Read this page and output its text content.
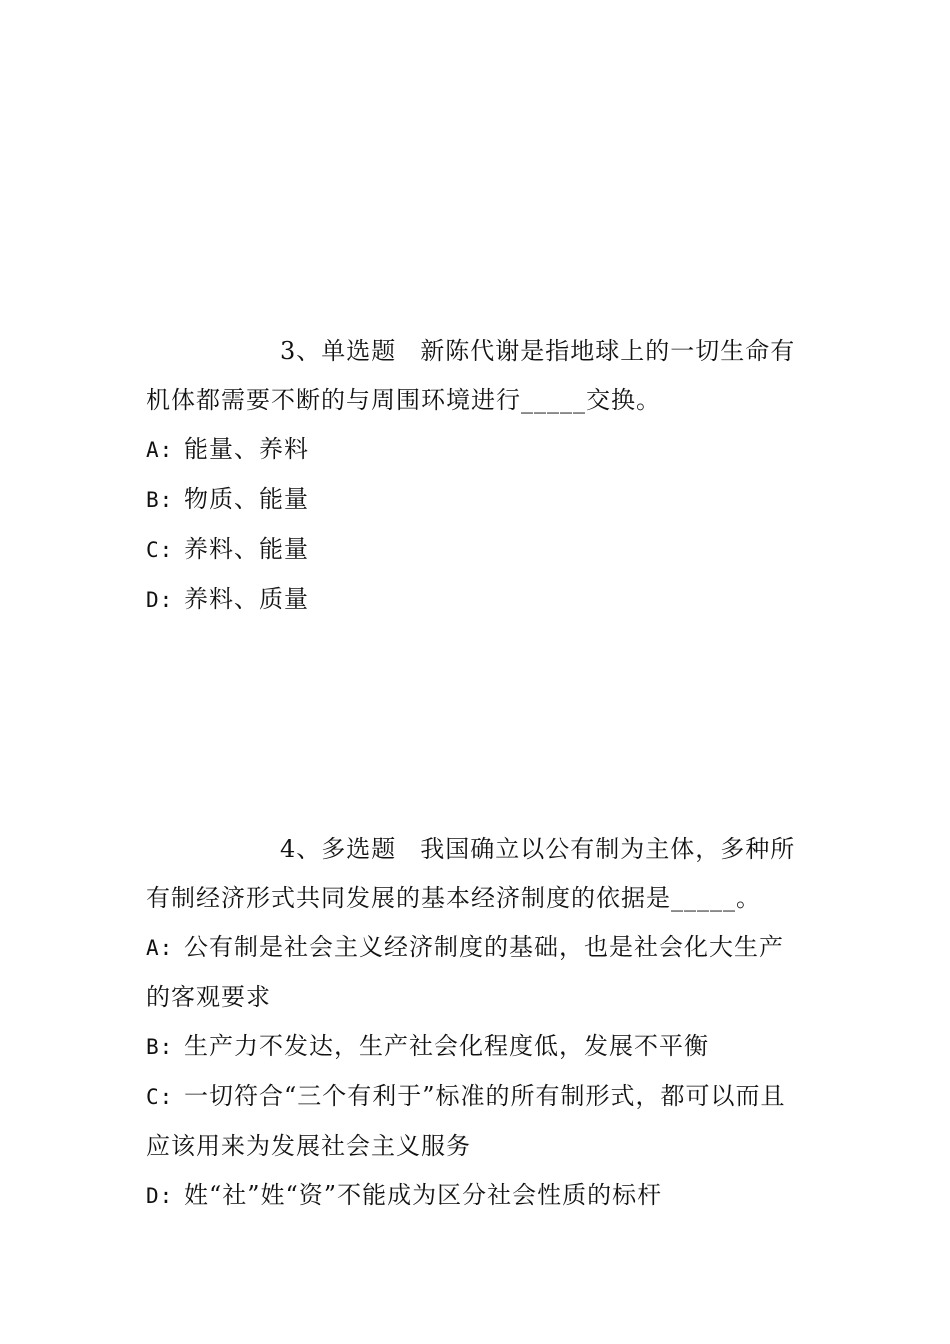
3、单选题 新陈代谢是指地球上的一切生命有机体都需要不断的与周围环境进行_____交换。

A: 能量、养料

B: 物质、能量

C: 养料、能量

D: 养料、质量

4、多选题 我国确立以公有制为主体，多种所有制经济形式共同发展的基本经济制度的依据是_____。

A: 公有制是社会主义经济制度的基础，也是社会化大生产的客观要求

B: 生产力不发达，生产社会化程度低，发展不平衡

C: 一切符合“三个有利于”标准的所有制形式，都可以而且应该用来为发展社会主义服务

D: 姓“社”姓“资”不能成为区分社会性质的标杆
